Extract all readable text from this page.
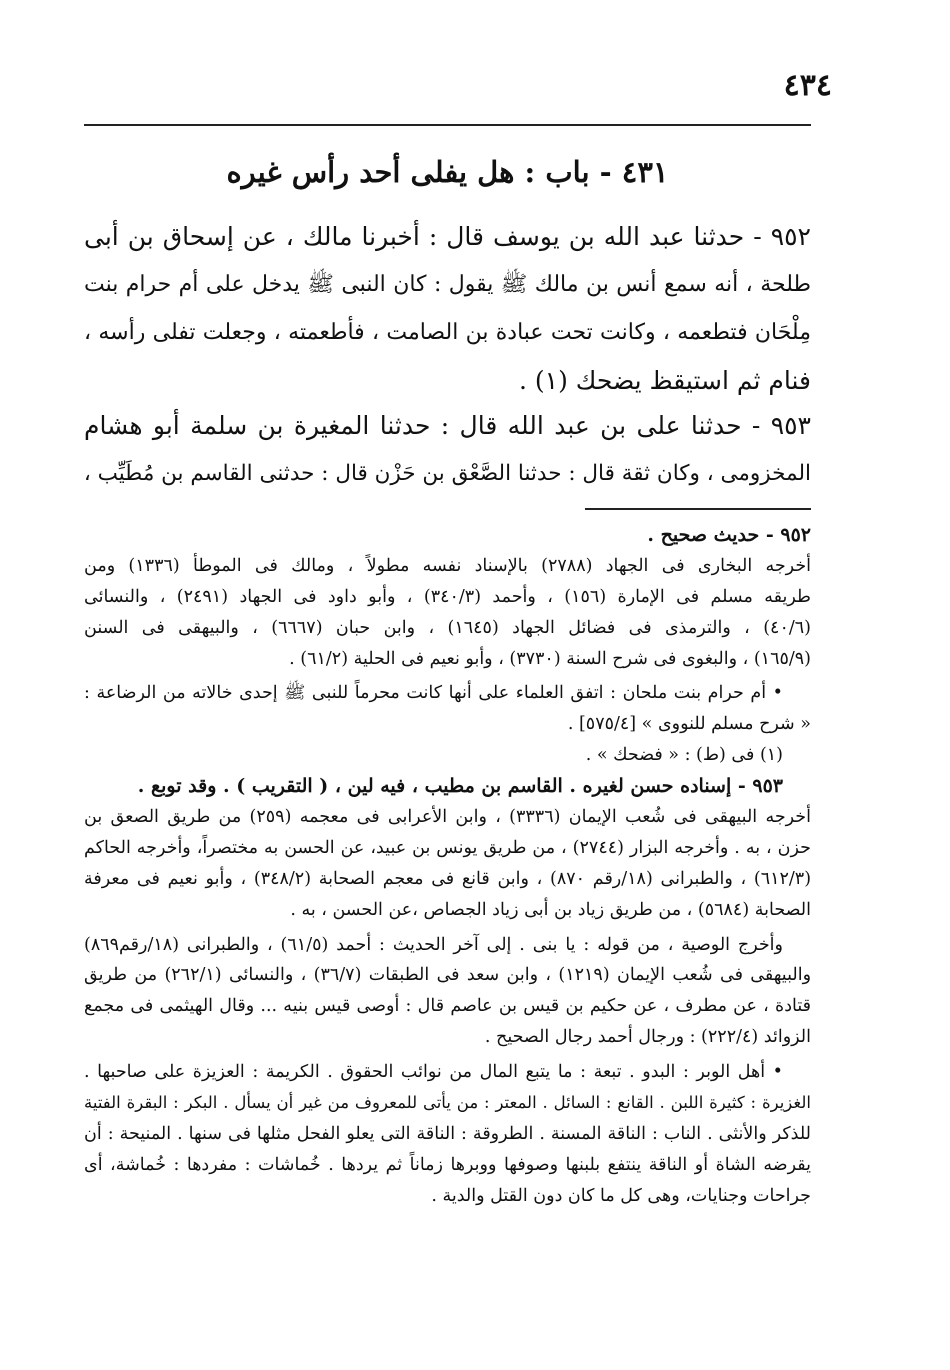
٤٣٤
٤٣١ - باب : هل يفلى أحد رأس غيره
٩٥٢ - حدثنا عبد الله بن يوسف قال : أخبرنا مالك ، عن إسحاق بن أبى
طلحة ، أنه سمع أنس بن مالك ﷺ يقول : كان النبى ﷺ يدخل على أم حرام بنت
مِلْحَان فتطعمه ، وكانت تحت عبادة بن الصامت ، فأطعمته ، وجعلت تفلى رأسه ،
فنام ثم استيقظ يضحك (١) .
٩٥٣ - حدثنا على بن عبد الله قال : حدثنا المغيرة بن سلمة أبو هشام
المخزومى ، وكان ثقة قال : حدثنا الصَّعْق بن حَزْن قال : حدثنى القاسم بن مُطَيِّب ،
٩٥٢ - حديث صحيح .
أخرجه البخارى فى الجهاد (٢٧٨٨) بالإسناد نفسه مطولاً ، ومالك فى الموطأ (١٣٣٦) ومن
طريقه مسلم فى الإمارة (١٥٦) ، وأحمد (٣٤٠/٣) ، وأبو داود فى الجهاد (٢٤٩١) ، والنسائى
(٤٠/٦) ، والترمذى فى فضائل الجهاد (١٦٤٥) ، وابن حبان (٦٦٦٧) ، والبيهقى فى السنن
(١٦٥/٩) ، والبغوى فى شرح السنة (٣٧٣٠) ، وأبو نعيم فى الحلية (٦١/٢) .
• أم حرام بنت ملحان : اتفق العلماء على أنها كانت محرماً للنبى ﷺ إحدى خالاته من الرضاعة :
« شرح مسلم للنووى » [٥٧٥/٤] .
(١) فى (ط) : « فضحك » .
٩٥٣ - إسناده حسن لغيره . القاسم بن مطيب ، فيه لين ، ( التقريب ) . وقد توبع .
أخرجه البيهقى فى شُعب الإيمان (٣٣٣٦) ، وابن الأعرابى فى معجمه (٢٥٩) من طريق الصعق بن
حزن ، به . وأخرجه البزار (٢٧٤٤) ، من طريق يونس بن عبيد، عن الحسن به مختصراً، وأخرجه الحاكم
(٦١٢/٣) ، والطبرانى (١٨/رقم ٨٧٠) ، وابن قانع فى معجم الصحابة (٣٤٨/٢) ، وأبو نعيم فى معرفة
الصحابة (٥٦٨٤) ، من طريق زياد بن أبى زياد الجصاص ،عن الحسن ، به .
وأخرج الوصية ، من قوله : يا بنى . إلى آخر الحديث : أحمد (٦١/٥) ، والطبرانى (١٨/رقم٨٦٩)
والبيهقى فى شُعب الإيمان (١٢١٩) ، وابن سعد فى الطبقات (٣٦/٧) ، والنسائى (٢٦٢/١) من طريق
قتادة ، عن مطرف ، عن حكيم بن قيس بن عاصم قال : أوصى قيس بنيه ... وقال الهيثمى فى مجمع
الزوائد (٢٢٢/٤) : ورجال أحمد رجال الصحيح .
• أهل الوبر : البدو . تبعة : ما يتبع المال من نوائب الحقوق . الكريمة : العزيزة على صاحبها .
الغزيرة : كثيرة اللبن . القانع : السائل . المعتر : من يأتى للمعروف من غير أن يسأل . البكر : البقرة الفتية
للذكر والأنثى . الناب : الناقة المسنة . الطروقة : الناقة التى يعلو الفحل مثلها فى سنها . المنيحة : أن
يقرضه الشاة أو الناقة ينتفع بلبنها وصوفها ووبرها زماناً ثم يردها . خُماشات : مفردها : خُماشة، أى
جراحات وجنايات، وهى كل ما كان دون القتل والدية .
